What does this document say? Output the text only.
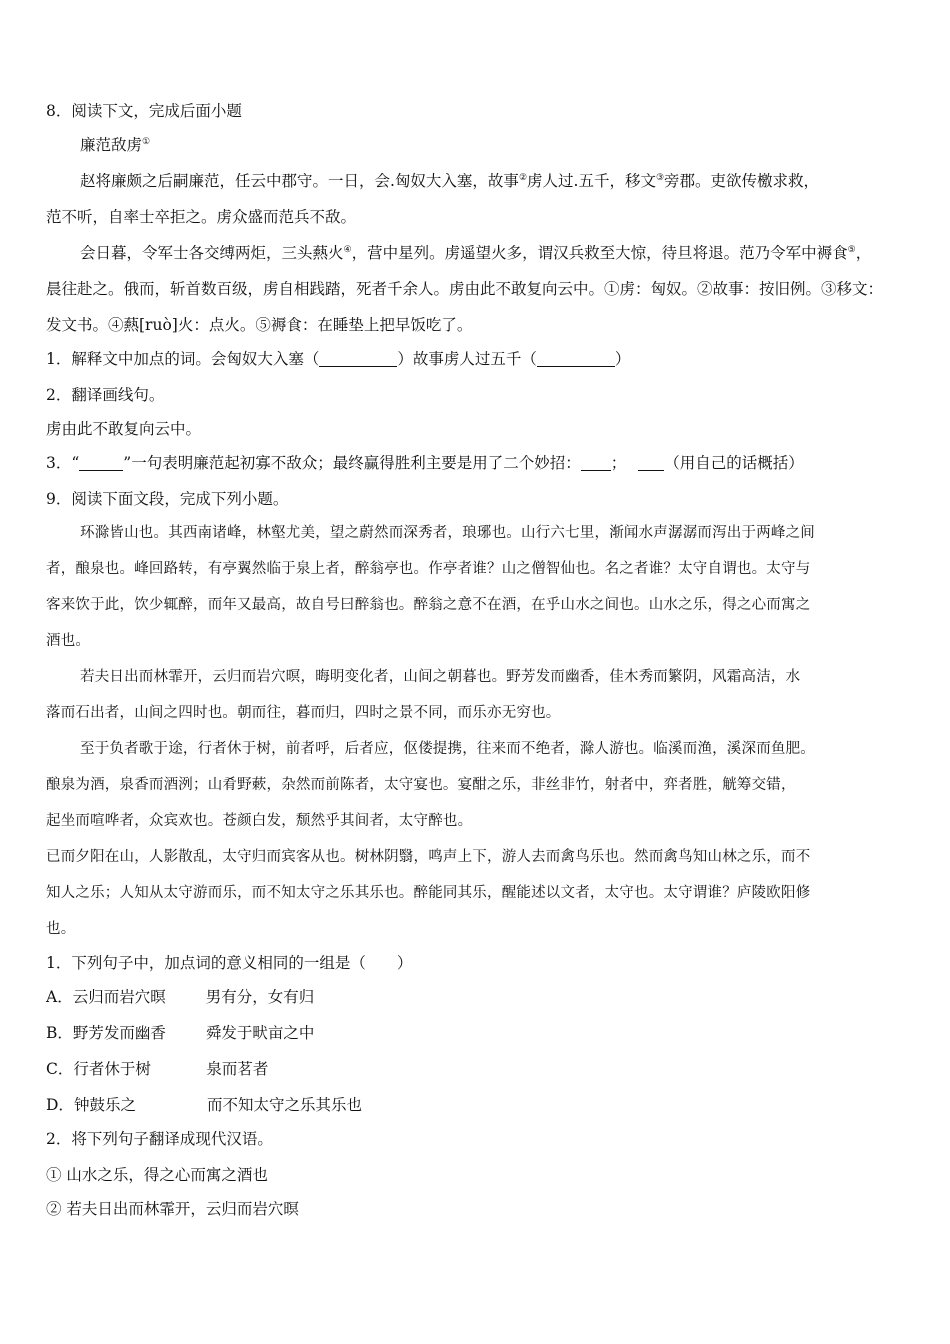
8．阅读下文，完成后面小题
廉范敌虏①
赵将廉颇之后嗣廉范，任云中郡守。一日，会.匈奴大入塞，故事②虏人过.五千，移文③旁郡。吏欲传檄求救，
范不听，自率士卒拒之。虏众盛而范兵不敌。
会日暮，令军士各交缚两炬，三头爇火④，营中星列。虏遥望火多，谓汉兵救至大惊，待旦将退。范乃令军中褥食⑤，
晨往赴之。俄而，斩首数百级，虏自相践踏，死者千余人。虏由此不敢复向云中。①虏：匈奴。②故事：按旧例。③移文：
发文书。④爇[ruò]火：点火。⑤褥食：在睡垫上把早饭吃了。
1．解释文中加点的词。会匈奴大入塞（	）故事虏人过五千（	）
2．翻译画线句。
虏由此不敢复向云中。
3．“	”一句表明廉范起初寡不敌众；最终赢得胜利主要是用了二个妙招： ； （用自己的话概括）
9．阅读下面文段，完成下列小题。
环滁皆山也。其西南诸峰，林壑尤美，望之蔚然而深秀者，琅琊也。山行六七里，渐闻水声潺潺而泻出于两峰之间
者，酿泉也。峰回路转，有亭翼然临于泉上者，醉翁亭也。作亭者谁？山之僧智仙也。名之者谁？太守自谓也。太守与
客来饮于此，饮少辄醉，而年又最高，故自号曰醉翁也。醉翁之意不在酒，在乎山水之间也。山水之乐，得之心而寓之
酒也。
若夫日出而林霏开，云归而岩穴暝，晦明变化者，山间之朝暮也。野芳发而幽香，佳木秀而繁阴，风霜高洁，水
落而石出者，山间之四时也。朝而往，暮而归，四时之景不同，而乐亦无穷也。
至于负者歌于途，行者休于树，前者呼，后者应，伛偻提携，往来而不绝者，滁人游也。临溪而渔，溪深而鱼肥。
酿泉为酒，泉香而酒洌；山肴野蔌，杂然而前陈者，太守宴也。宴酣之乐，非丝非竹，射者中，弈者胜，觥筹交错，
起坐而喧哗者，众宾欢也。苍颜白发，颓然乎其间者，太守醉也。
已而夕阳在山，人影散乱，太守归而宾客从也。树林阴翳，鸣声上下，游人去而禽鸟乐也。然而禽鸟知山林之乐，而不
知人之乐；人知从太守游而乐，而不知太守之乐其乐也。醉能同其乐，醒能述以文者，太守也。太守谓谁？庐陵欧阳修
也。
1．下列句子中，加点词的意义相同的一组是（　　）
A．云归而岩穴暝	男有分，女有归
B．野芳发而幽香	舜发于畎亩之中
C．行者休于树	泉而茗者
D．钟鼓乐之	而不知太守之乐其乐也
2．将下列句子翻译成现代汉语。
① 山水之乐，得之心而寓之酒也
② 若夫日出而林霏开，云归而岩穴暝
